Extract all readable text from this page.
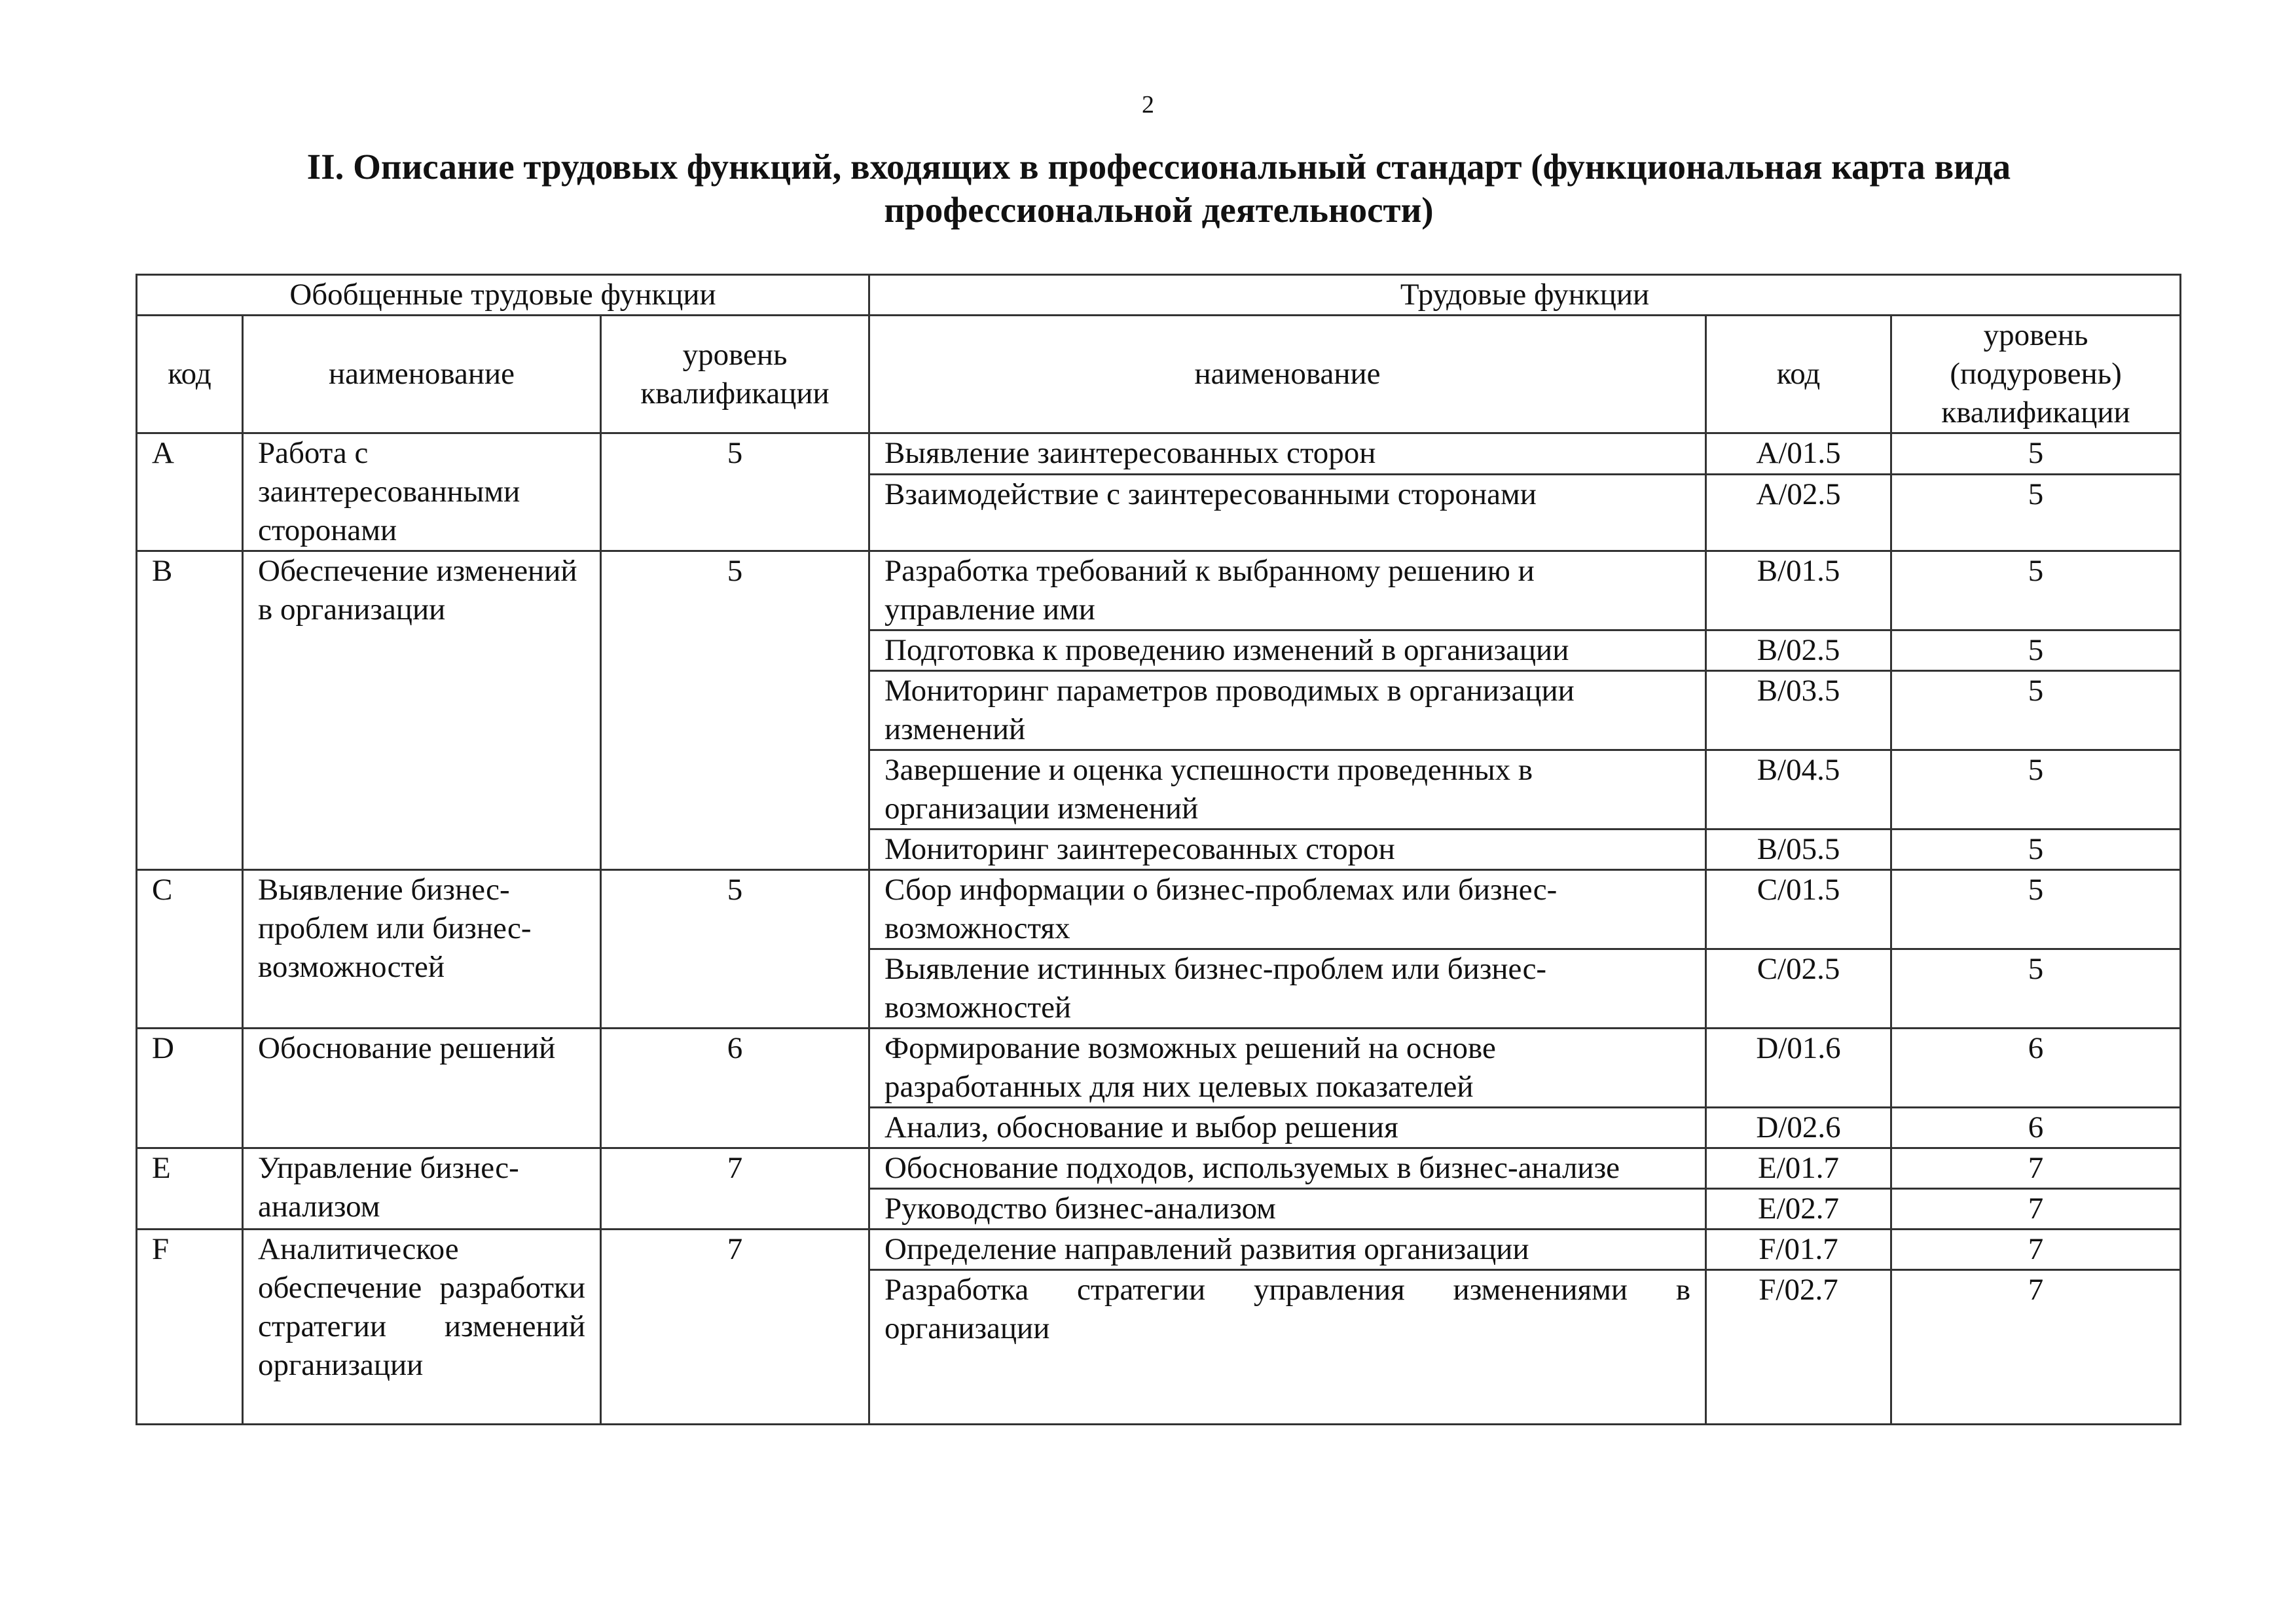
2
II. Описание трудовых функций, входящих в профессиональный стандарт (функциональная карта вида профессиональной деятельности)
Обобщенные трудовые функции			Трудовые функции		
код	наименование	уровень квалификации	наименование	код	уровень (подуровень) квалификации
A	Работа с заинтересованными сторонами	5	Выявление заинтересованных сторон	A/01.5	5
			Взаимодействие с заинтересованными сторонами	A/02.5	5
B	Обеспечение изменений в организации	5	Разработка требований к выбранному решению и управление ими	B/01.5	5
			Подготовка к проведению изменений в организации	B/02.5	5
			Мониторинг параметров проводимых в организации изменений	B/03.5	5
			Завершение и оценка успешности проведенных в организации изменений	B/04.5	5
			Мониторинг заинтересованных сторон	B/05.5	5
C	Выявление бизнес-проблем или бизнес-возможностей	5	Сбор информации о бизнес-проблемах или бизнес-возможностях	C/01.5	5
			Выявление истинных бизнес-проблем или бизнес-возможностей	C/02.5	5
D	Обоснование решений	6	Формирование возможных решений на основе разработанных для них целевых показателей	D/01.6	6
			Анализ, обоснование и выбор решения	D/02.6	6
E	Управление бизнес-анализом	7	Обоснование подходов, используемых в бизнес-анализе	E/01.7	7
			Руководство бизнес-анализом	E/02.7	7
F	Аналитическое обеспечение разработки стратегии изменений организации	7	Определение направлений развития организации	F/01.7	7
			Разработка стратегии управления изменениями в организации	F/02.7	7
